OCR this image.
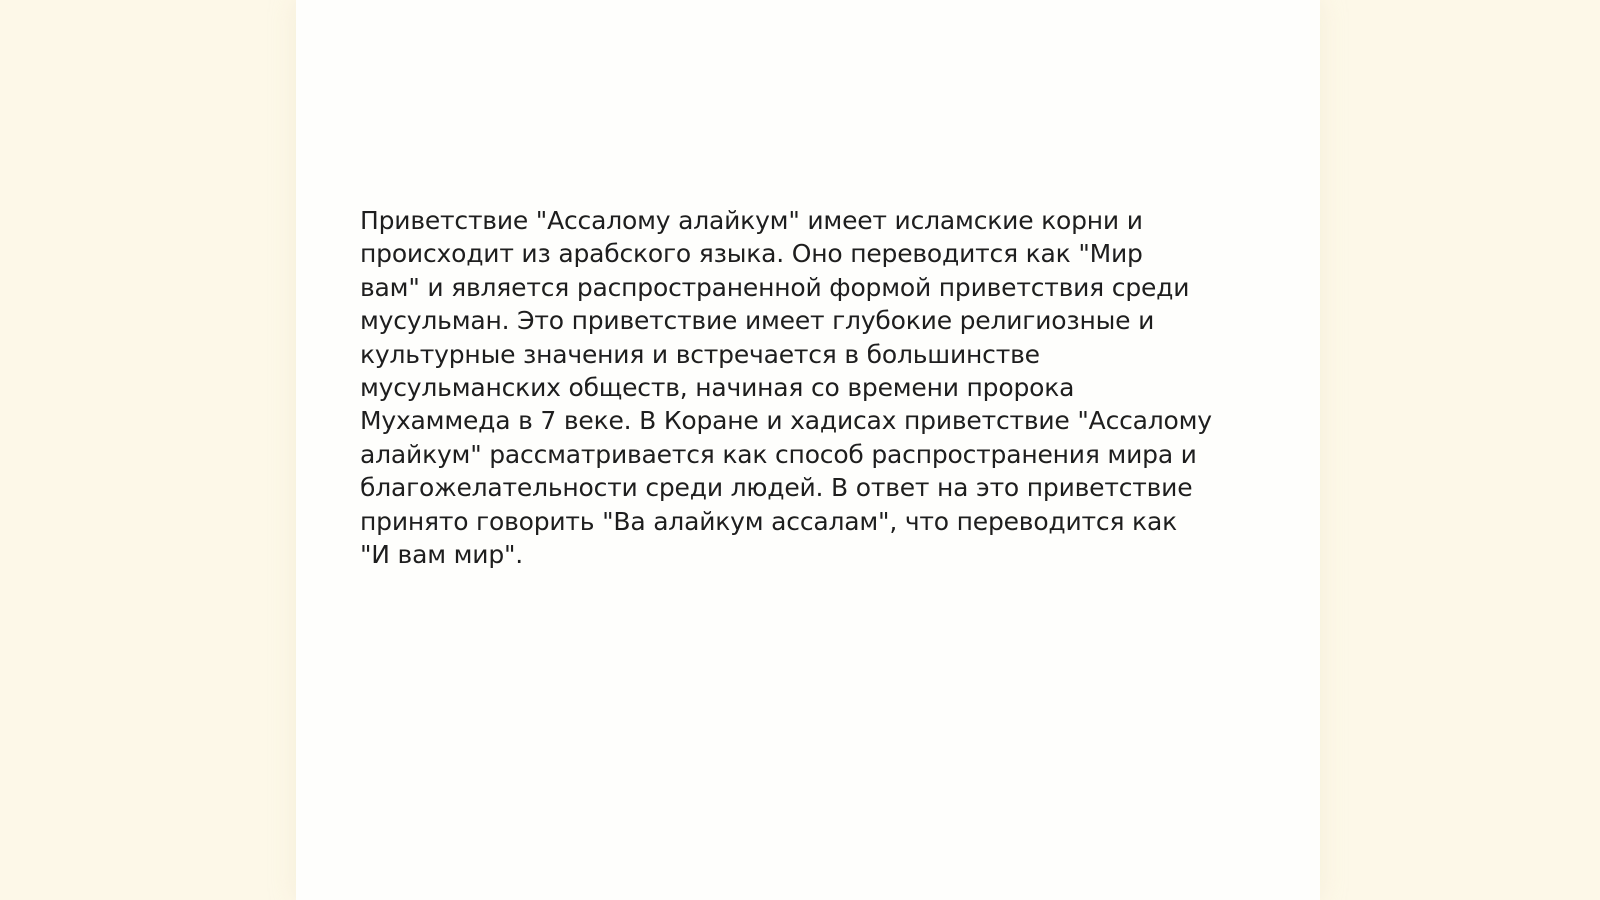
Приветствие "Ассалому алайкум" имеет исламские корни и
происходит из арабского языка. Оно переводится как "Мир
вам" и является распространенной формой приветствия среди
мусульман. Это приветствие имеет глубокие религиозные и
культурные значения и встречается в большинстве
мусульманских обществ, начиная со времени пророка
Мухаммеда в 7 веке. В Коране и хадисах приветствие "Ассалому
алайкум" рассматривается как способ распространения мира и
благожелательности среди людей. В ответ на это приветствие
принято говорить "Ва алайкум ассалам", что переводится как
"И вам мир".
